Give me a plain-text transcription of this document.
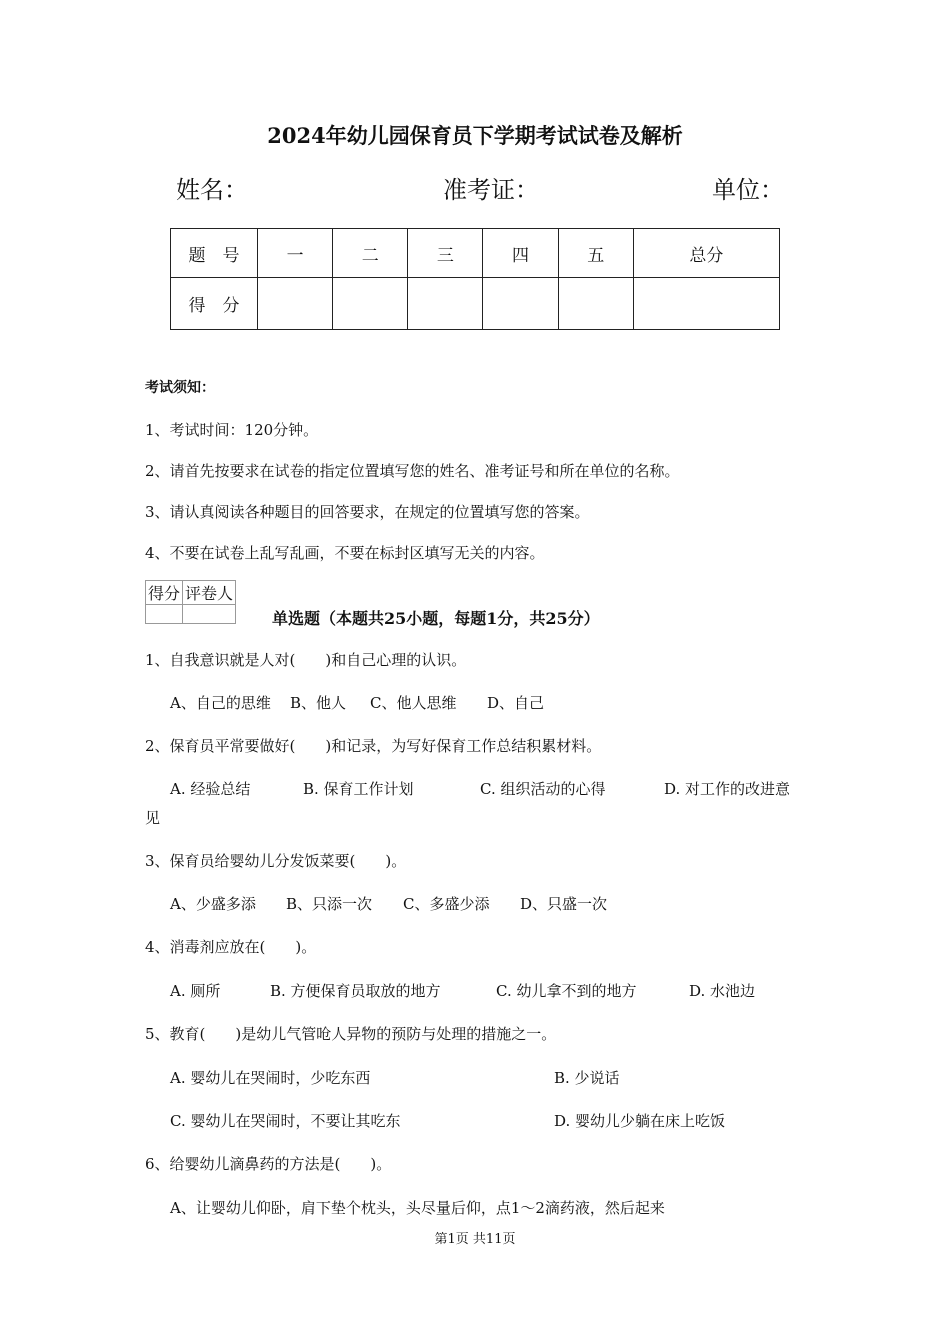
2024年幼儿园保育员下学期考试试卷及解析
姓名：	准考证：	单位：
题　号	一	二	三	四	五	总分
得　分						
考试须知：
1、考试时间：120分钟。
2、请首先按要求在试卷的指定位置填写您的姓名、准考证号和所在单位的名称。
3、请认真阅读各种题目的回答要求，在规定的位置填写您的答案。
4、不要在试卷上乱写乱画，不要在标封区填写无关的内容。
得分	评卷人

单选题（本题共25小题，每题1分，共25分）
1、自我意识就是人对(　　)和自己心理的认识。
A、自己的思维 B、他人 C、他人思维 D、自己
2、保育员平常要做好(　　)和记录，为写好保育工作总结积累材料。
A. 经验总结	B. 保育工作计划	C. 组织活动的心得	D. 对工作的改进意
见
3、保育员给婴幼儿分发饭菜要(　　)。
A、少盛多添 B、只添一次 C、多盛少添 D、只盛一次
4、消毒剂应放在(　　)。
A. 厕所	B. 方便保育员取放的地方	C. 幼儿拿不到的地方	D. 水池边
5、教育(　　)是幼儿气管呛人异物的预防与处理的措施之一。
A. 婴幼儿在哭闹时，少吃东西	B. 少说话
C. 婴幼儿在哭闹时，不要让其吃东	D. 婴幼儿少躺在床上吃饭
6、给婴幼儿滴鼻药的方法是(　　)。
A、让婴幼儿仰卧，肩下垫个枕头，头尽量后仰，点1～2滴药液，然后起来
第1页 共11页
